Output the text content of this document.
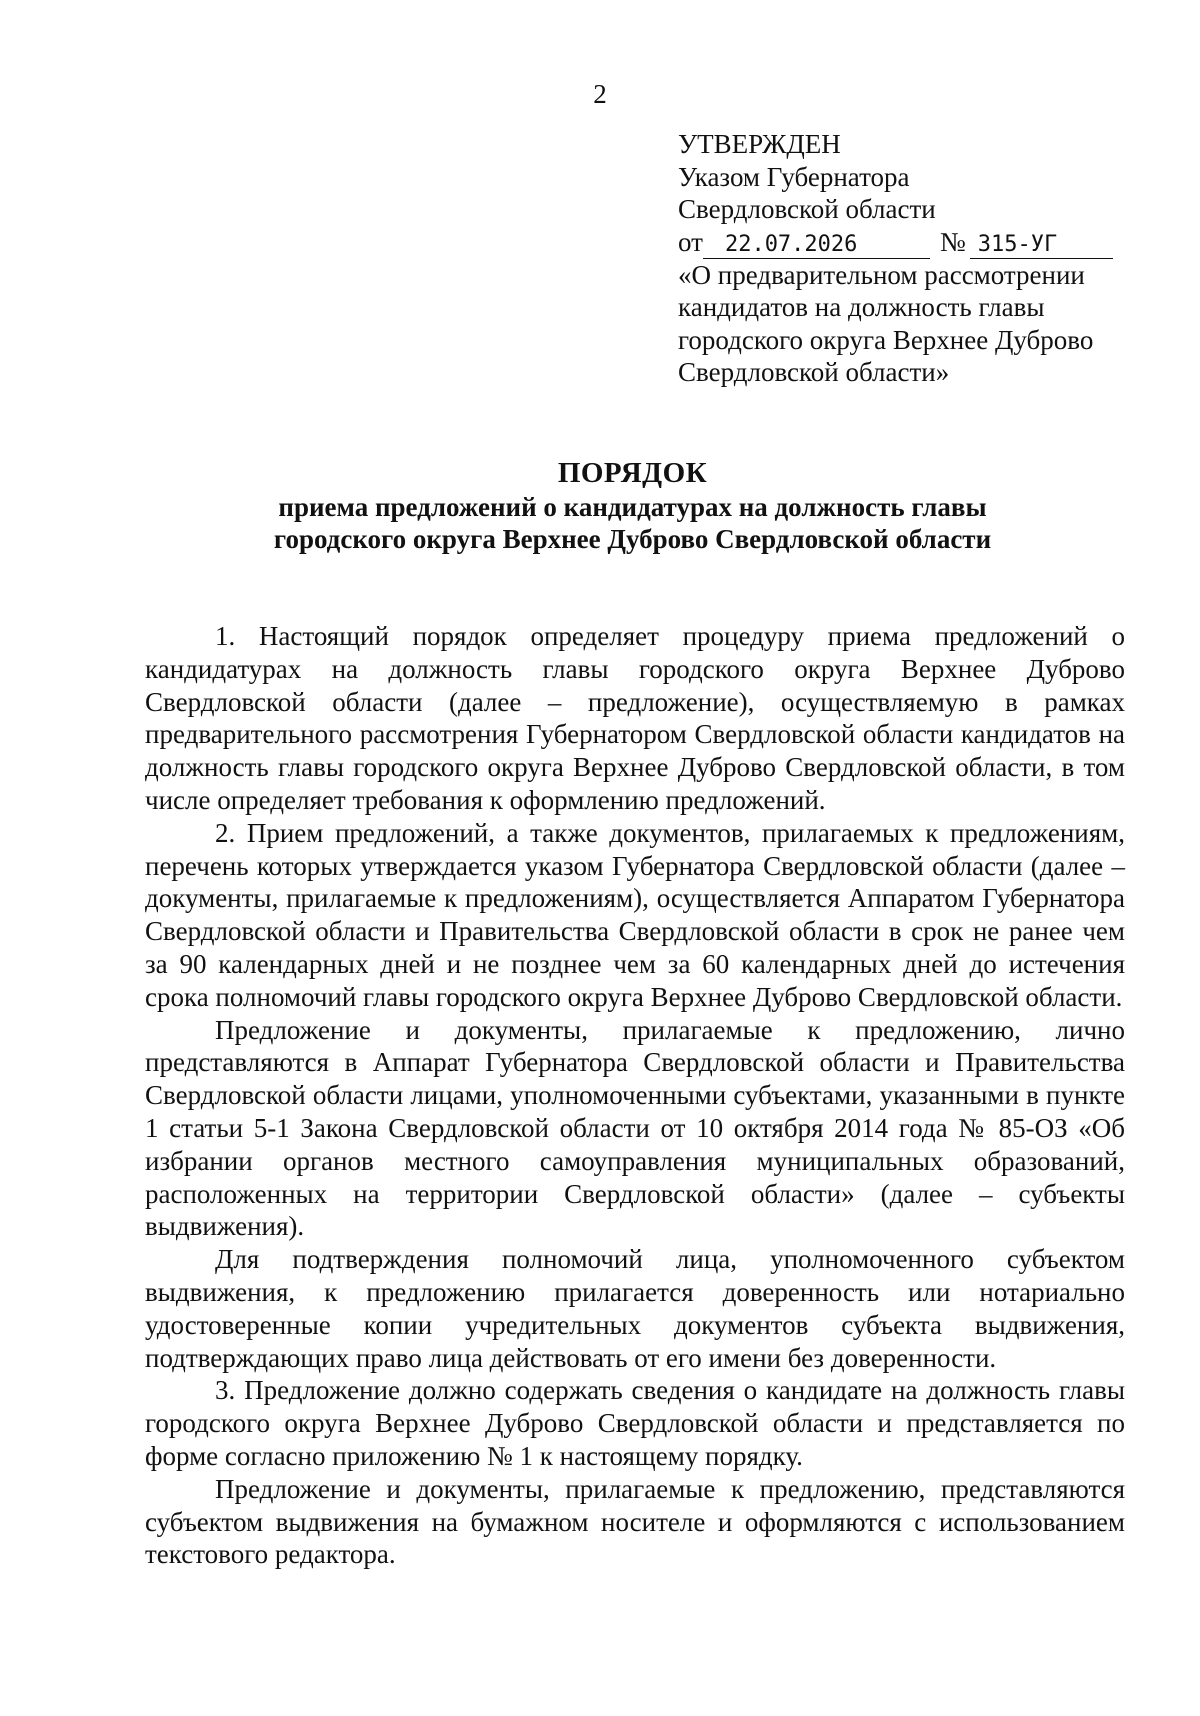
2
УТВЕРЖДЕН
Указом Губернатора
Свердловской области
от 22.07.2026	№ 315-УГ
«О предварительном рассмотрении
кандидатов на должность главы
городского округа Верхнее Дуброво
Свердловской области»
ПОРЯДОК
приема предложений о кандидатурах на должность главы
городского округа Верхнее Дуброво Свердловской области

1. Настоящий порядок определяет процедуру приема предложений о кандидатурах на должность главы городского округа Верхнее Дуброво Свердловской области (далее – предложение), осуществляемую в рамках предварительного рассмотрения Губернатором Свердловской области кандидатов на должность главы городского округа Верхнее Дуброво Свердловской области, в том числе определяет требования к оформлению предложений.

2. Прием предложений, а также документов, прилагаемых к предложениям, перечень которых утверждается указом Губернатора Свердловской области (далее – документы, прилагаемые к предложениям), осуществляется Аппаратом Губернатора Свердловской области и Правительства Свердловской области в срок не ранее чем за 90 календарных дней и не позднее чем за 60 календарных дней до истечения срока полномочий главы городского округа Верхнее Дуброво Свердловской области.

Предложение и документы, прилагаемые к предложению, лично представляются в Аппарат Губернатора Свердловской области и Правительства Свердловской области лицами, уполномоченными субъектами, указанными в пункте 1 статьи 5-1 Закона Свердловской области от 10 октября 2014 года № 85-ОЗ «Об избрании органов местного самоуправления муниципальных образований, расположенных на территории Свердловской области» (далее – субъекты выдвижения).

Для подтверждения полномочий лица, уполномоченного субъектом выдвижения, к предложению прилагается доверенность или нотариально удостоверенные копии учредительных документов субъекта выдвижения, подтверждающих право лица действовать от его имени без доверенности.

3. Предложение должно содержать сведения о кандидате на должность главы городского округа Верхнее Дуброво Свердловской области и представляется по форме согласно приложению № 1 к настоящему порядку.

Предложение и документы, прилагаемые к предложению, представляются субъектом выдвижения на бумажном носителе и оформляются с использованием текстового редактора.
